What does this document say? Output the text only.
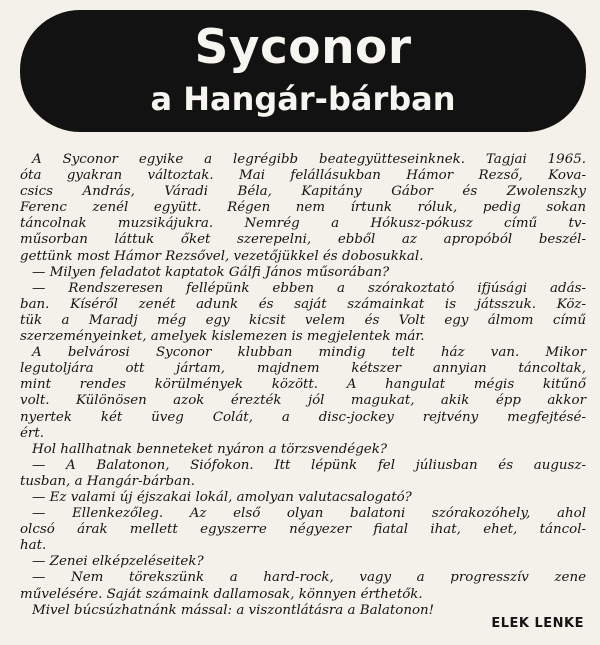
Syconor
a Hangár-bárban
A Syconor egyike a legrégibb beategyütteseinknek. Tagjai 1965.
óta gyakran változtak. Mai felállásukban Hámor Rezső, Kova-
csics András, Váradi Béla, Kapitány Gábor és Zwolenszky
Ferenc zenél együtt. Régen nem írtunk róluk, pedig sokan
táncolnak muzsikájukra. Nemrég a Hókusz-pókusz című tv-
műsorban láttuk őket szerepelni, ebből az apropóból beszél-
gettünk most Hámor Rezsővel, vezetőjükkel és dobosukkal.
— Milyen feladatot kaptatok Gálfi János műsorában?
— Rendszeresen fellépünk ebben a szórakoztató ifjúsági adás-
ban. Kíséről zenét adunk és saját számainkat is játsszuk. Köz-
tük a Maradj még egy kicsit velem és Volt egy álmom című
szerzeményeinket, amelyek kislemezen is megjelentek már.
A belvárosi Syconor klubban mindig telt ház van. Mikor
legutoljára ott jártam, majdnem kétszer annyian táncoltak,
mint rendes körülmények között. A hangulat mégis kitűnő
volt. Különösen azok érezték jól magukat, akik épp akkor
nyertek két üveg Colát, a disc-jockey rejtvény megfejtésé-
ért.
Hol hallhatnak benneteket nyáron a törzsvendégek?
— A Balatonon, Siófokon. Itt lépünk fel júliusban és augusz-
tusban, a Hangár-bárban.
— Ez valami új éjszakai lokál, amolyan valutacsalogató?
— Ellenkezőleg. Az első olyan balatoni szórakozóhely, ahol
olcsó árak mellett egyszerre négyezer fiatal ihat, ehet, táncol-
hat.
— Zenei elképzeléseitek?
— Nem törekszünk a hard-rock, vagy a progresszív zene
művelésére. Saját számaink dallamosak, könnyen érthetők.
Mivel búcsúzhatnánk mással: a viszontlátásra a Balatonon!
ELEK LENKE
